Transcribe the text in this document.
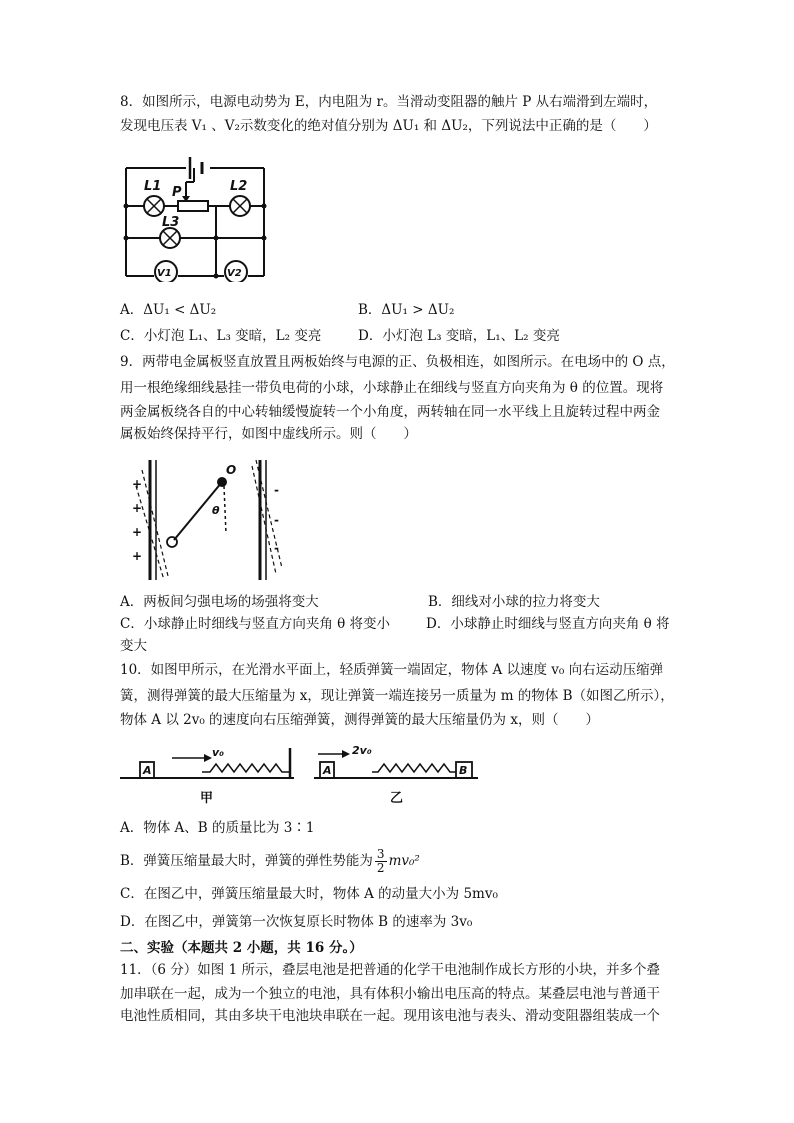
8．如图所示，电源电动势为 E，内电阻为 r。当滑动变阻器的触片 P 从右端滑到左端时，
发现电压表 V₁ 、V₂示数变化的绝对值分别为 ΔU₁ 和 ΔU₂，下列说法中正确的是（　　）
L1	L2
L3
P
V1	V2
A．ΔU₁ < ΔU₂	B．ΔU₁ > ΔU₂
C．小灯泡 L₁、L₃ 变暗，L₂ 变亮	D．小灯泡 L₃ 变暗，L₁、L₂ 变亮
9．两带电金属板竖直放置且两板始终与电源的正、负极相连，如图所示。在电场中的 O 点，
用一根绝缘细线悬挂一带负电荷的小球，小球静止在细线与竖直方向夹角为 θ 的位置。现将
两金属板绕各自的中心转轴缓慢旋转一个小角度，两转轴在同一水平线上且旋转过程中两金
属板始终保持平行，如图中虚线所示。则（　　）
O
θ
+
+
+
+
-
-
-
A．两板间匀强电场的场强将变大	B．细线对小球的拉力将变大
C．小球静止时细线与竖直方向夹角 θ 将变小	D．小球静止时细线与竖直方向夹角 θ 将
变大
10．如图甲所示，在光滑水平面上，轻质弹簧一端固定，物体 A 以速度 v₀ 向右运动压缩弹
簧，测得弹簧的最大压缩量为 x，现让弹簧一端连接另一质量为 m 的物体 B（如图乙所示），
物体 A 以 2v₀ 的速度向右压缩弹簧，测得弹簧的最大压缩量仍为 x，则（　　）
A	A	B
v₀	2v₀
甲	乙
A．物体 A、B 的质量比为 3∶1
B．弹簧压缩量最大时，弹簧的弹性势能为 $\frac{3}{2} mv_0^2$
C．在图乙中，弹簧压缩量最大时，物体 A 的动量大小为 5mv₀
D．在图乙中，弹簧第一次恢复原长时物体 B 的速率为 3v₀
二、实验（本题共 2 小题，共 16 分。）
11．（6 分）如图 1 所示，叠层电池是把普通的化学干电池制作成长方形的小块，并多个叠
加串联在一起，成为一个独立的电池，具有体积小输出电压高的特点。某叠层电池与普通干
电池性质相同，其由多块干电池块串联在一起。现用该电池与表头、滑动变阻器组装成一个
